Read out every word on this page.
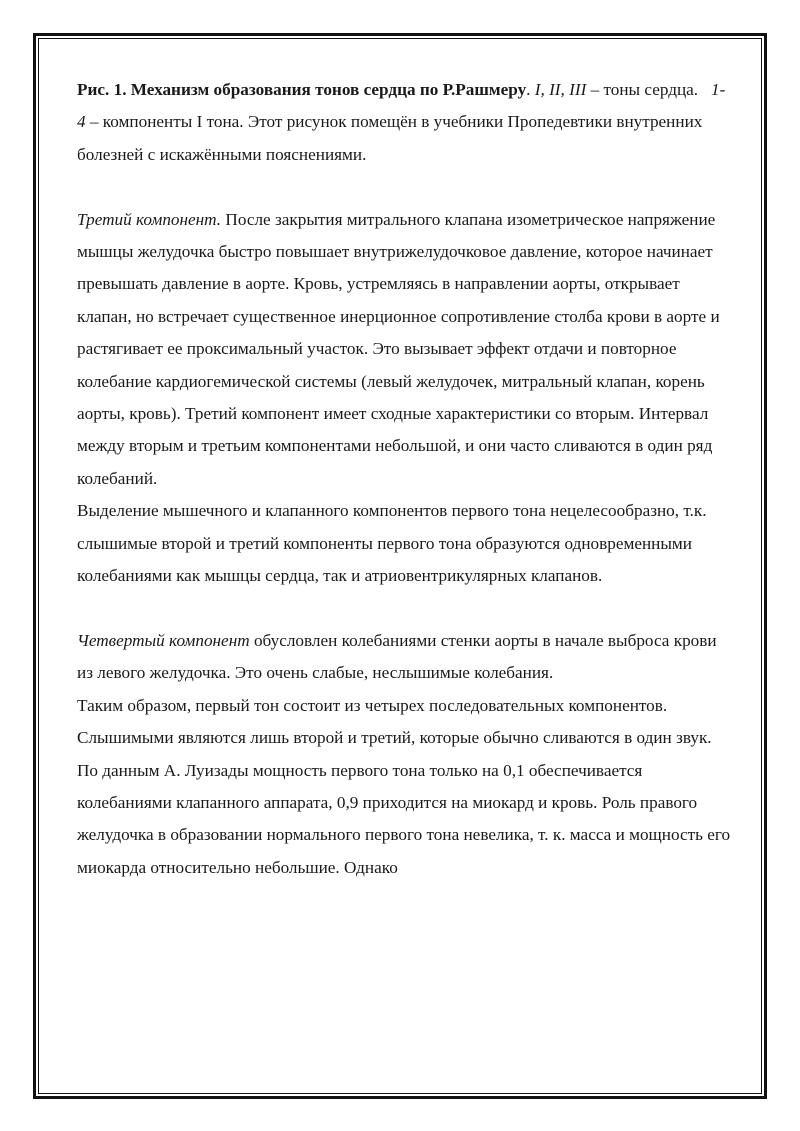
Рис. 1. Механизм образования тонов сердца по Р.Рашмеру. I, II, III – тоны сердца. 1-4 – компоненты I тона. Этот рисунок помещён в учебники Пропедевтики внутренних болезней с искажёнными пояснениями.

Третий компонент. После закрытия митрального клапана изометрическое напряжение мышцы желудочка быстро повышает внутрижелудочковое давление, которое начинает превышать давление в аорте. Кровь, устремляясь в направлении аорты, открывает клапан, но встречает существенное инерционное сопротивление столба крови в аорте и растягивает ее проксимальный участок. Это вызывает эффект отдачи и повторное колебание кардиогемической системы (левый желудочек, митральный клапан, корень аорты, кровь). Третий компонент имеет сходные характеристики со вторым. Интервал между вторым и третьим компонентами небольшой, и они часто сливаются в один ряд колебаний.

Выделение мышечного и клапанного компонентов первого тона нецелесообразно, т.к. слышимые второй и третий компоненты первого тона образуются одновременными колебаниями как мышцы сердца, так и атриовентрикулярных клапанов.

Четвертый компонент обусловлен колебаниями стенки аорты в начале выброса крови из левого желудочка. Это очень слабые, неслышимые колебания.

Таким образом, первый тон состоит из четырех последовательных компонентов. Слышимыми являются лишь второй и третий, которые обычно сливаются в один звук.

По данным А. Луизады мощность первого тона только на 0,1 обеспечивается колебаниями клапанного аппарата, 0,9 приходится на миокард и кровь. Роль правого желудочка в образовании нормального первого тона невелика, т. к. масса и мощность его миокарда относительно небольшие. Однако
